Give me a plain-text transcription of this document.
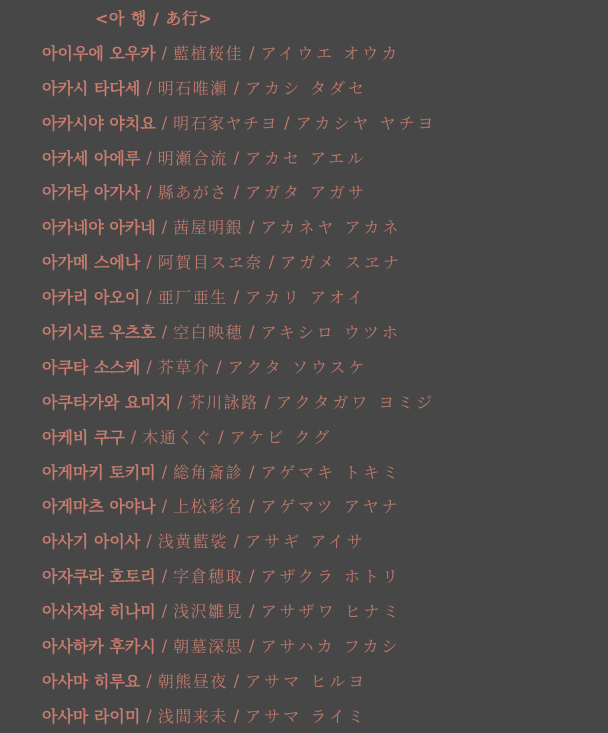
<아 행 / あ行>
아이우에 오우카 / 藍植桜佳 / アイウエ オウカ
아카시 타다세 / 明石唯瀬 / アカシ タダセ
아카시야 야치요 / 明石家ヤチヨ / アカシヤ ヤチヨ
아카세 아에루 / 明瀬合流 / アカセ アエル
아가타 아가사 / 縣あがさ / アガタ アガサ
아카네야 아카네 / 茜屋明銀 / アカネヤ アカネ
아가메 스에나 / 阿賀目スヱ奈 / アガメ スヱナ
아카리 아오이 / 亜厂亜生 / アカリ アオイ
아키시로 우츠호 / 空白映穂 / アキシロ ウツホ
아쿠타 소스케 / 芥草介 / アクタ ソウスケ
아쿠타가와 요미지 / 芥川詠路 / アクタガワ ヨミジ
아케비 쿠구 / 木通くぐ / アケビ クグ
아게마키 토키미 / 総角斎診 / アゲマキ トキミ
아게마츠 아야나 / 上松彩名 / アゲマツ アヤナ
아사기 아이사 / 浅黄藍裟 / アサギ アイサ
아자쿠라 호토리 / 字倉穂取 / アザクラ ホトリ
아사자와 히나미 / 浅沢雛見 / アサザワ ヒナミ
아사하카 후카시 / 朝墓深思 / アサハカ フカシ
아사마 히루요 / 朝熊昼夜 / アサマ ヒルヨ
아사마 라이미 / 浅間来未 / アサマ ライミ
